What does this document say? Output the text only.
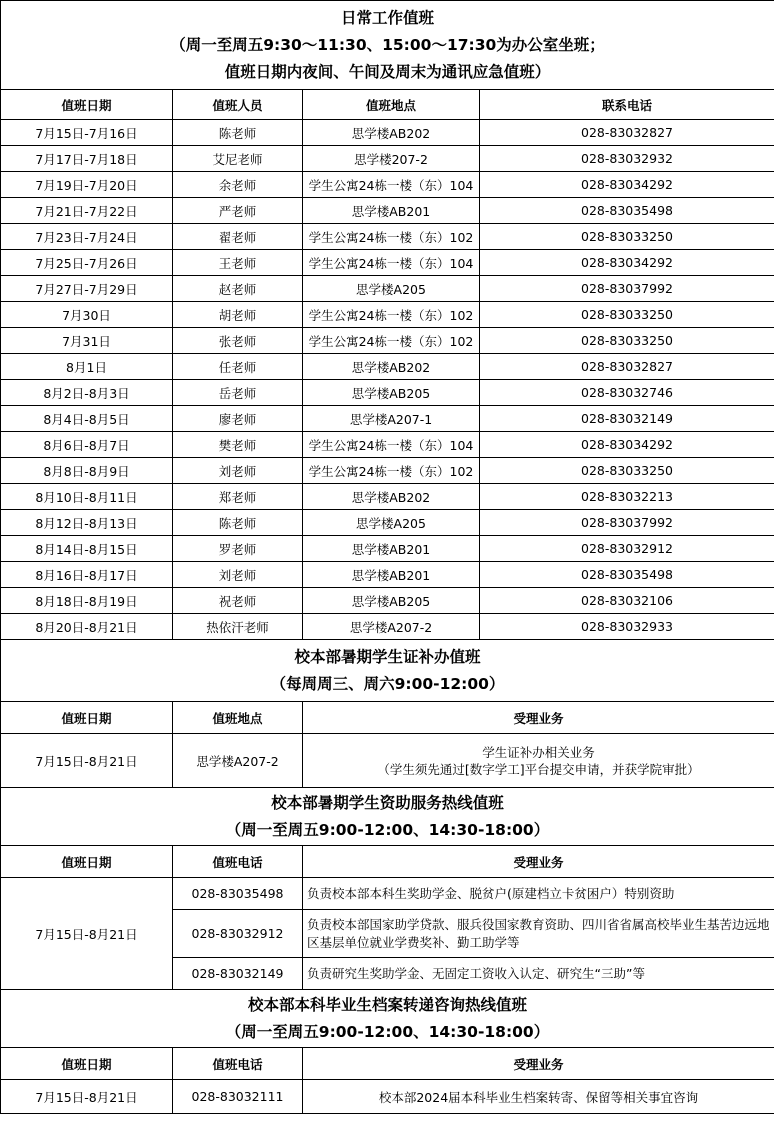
日常工作值班
（周一至周五9:30～11:30、15:00～17:30为办公室坐班；
值班日期内夜间、午间及周末为通讯应急值班）			

值班日期	值班人员	值班地点	联系电话
7月15日-7月16日	陈老师	思学楼AB202	028-83032827
7月17日-7月18日	艾尼老师	思学楼207-2	028-83032932
7月19日-7月20日	余老师	学生公寓24栋一楼（东）104	028-83034292
7月21日-7月22日	严老师	思学楼AB201	028-83035498
7月23日-7月24日	翟老师	学生公寓24栋一楼（东）102	028-83033250
7月25日-7月26日	王老师	学生公寓24栋一楼（东）104	028-83034292
7月27日-7月29日	赵老师	思学楼A205	028-83037992
7月30日	胡老师	学生公寓24栋一楼（东）102	028-83033250
7月31日	张老师	学生公寓24栋一楼（东）102	028-83033250
8月1日	任老师	思学楼AB202	028-83032827
8月2日-8月3日	岳老师	思学楼AB205	028-83032746
8月4日-8月5日	廖老师	思学楼A207-1	028-83032149
8月6日-8月7日	樊老师	学生公寓24栋一楼（东）104	028-83034292
8月8日-8月9日	刘老师	学生公寓24栋一楼（东）102	028-83033250
8月10日-8月11日	郑老师	思学楼AB202	028-83032213
8月12日-8月13日	陈老师	思学楼A205	028-83037992
8月14日-8月15日	罗老师	思学楼AB201	028-83032912
8月16日-8月17日	刘老师	思学楼AB201	028-83035498
8月18日-8月19日	祝老师	思学楼AB205	028-83032106
8月20日-8月21日	热依汗老师	思学楼A207-2	028-83032933

校本部暑期学生证补办值班
（每周周三、周六9:00-12:00）			

值班日期	值班地点	受理业务	
7月15日-8月21日	思学楼A207-2	学生证补办相关业务
（学生须先通过[数字学工]平台提交申请，并获学院审批）	

校本部暑期学生资助服务热线值班
（周一至周五9:00-12:00、14:30-18:00）			

值班日期	值班电话	受理业务	
7月15日-8月21日	028-83035498	负责校本部本科生奖助学金、脱贫户(原建档立卡贫困户）特别资助	
	028-83032912	负责校本部国家助学贷款、服兵役国家教育资助、四川省省属高校毕业生基苦边远地区基层单位就业学费奖补、勤工助学等	
	028-83032149	负责研究生奖助学金、无固定工资收入认定、研究生“三助”等	

校本部本科毕业生档案转递咨询热线值班
（周一至周五9:00-12:00、14:30-18:00）			

值班日期	值班电话	受理业务	
7月15日-8月21日	028-83032111	校本部2024届本科毕业生档案转寄、保留等相关事宜咨询	
